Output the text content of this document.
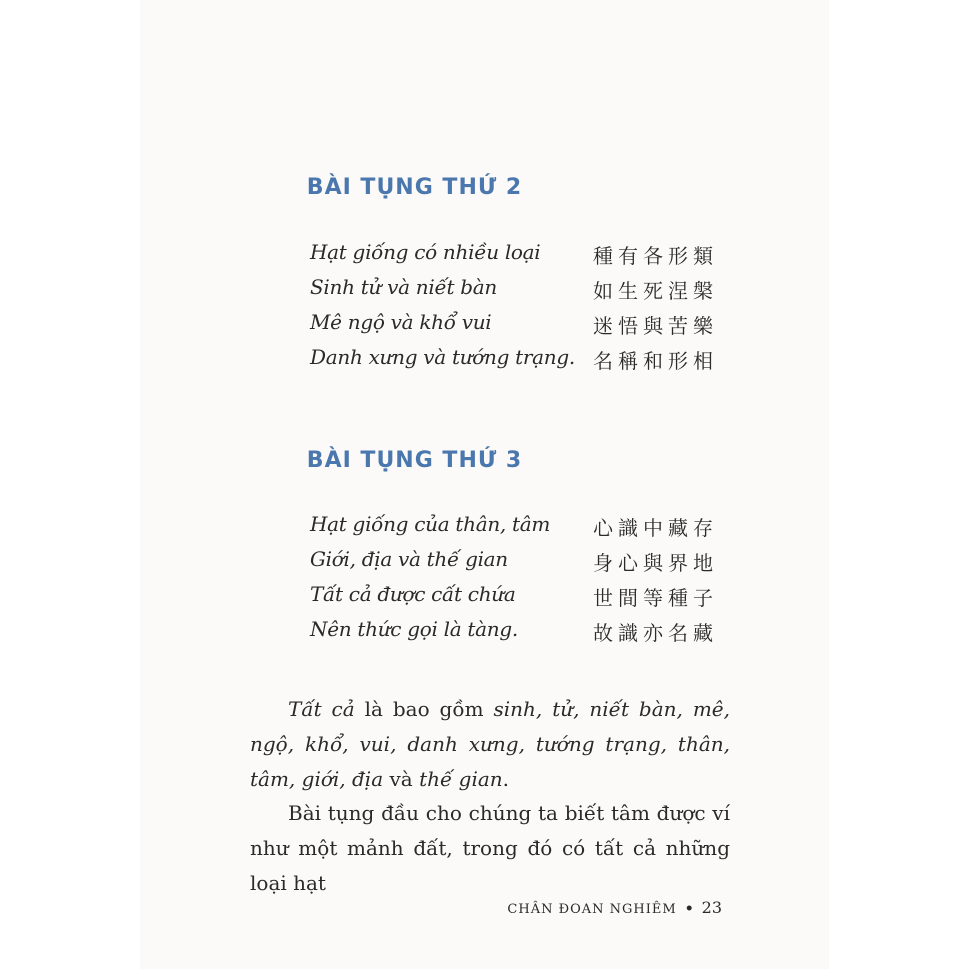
BÀI TỤNG THỨ 2
Hạt giống có nhiều loại	種有各形類
Sinh tử và niết bàn	如生死涅槃
Mê ngộ và khổ vui	迷悟與苦樂
Danh xưng và tướng trạng. 名稱和形相
BÀI TỤNG THỨ 3
Hạt giống của thân, tâm 心識中藏存
Giới, địa và thế gian	身心與界地
Tất cả được cất chứa	世間等種子
Nên thức gọi là tàng.	故識亦名藏

Tất cả là bao gồm sinh, tử, niết bàn, mê, ngộ, khổ, vui, danh xưng, tướng trạng, thân, tâm, giới, địa và thế gian.

Bài tụng đầu cho chúng ta biết tâm được ví như một mảnh đất, trong đó có tất cả những loại hạt

CHÂN ĐOAN NGHIÊM • 23
